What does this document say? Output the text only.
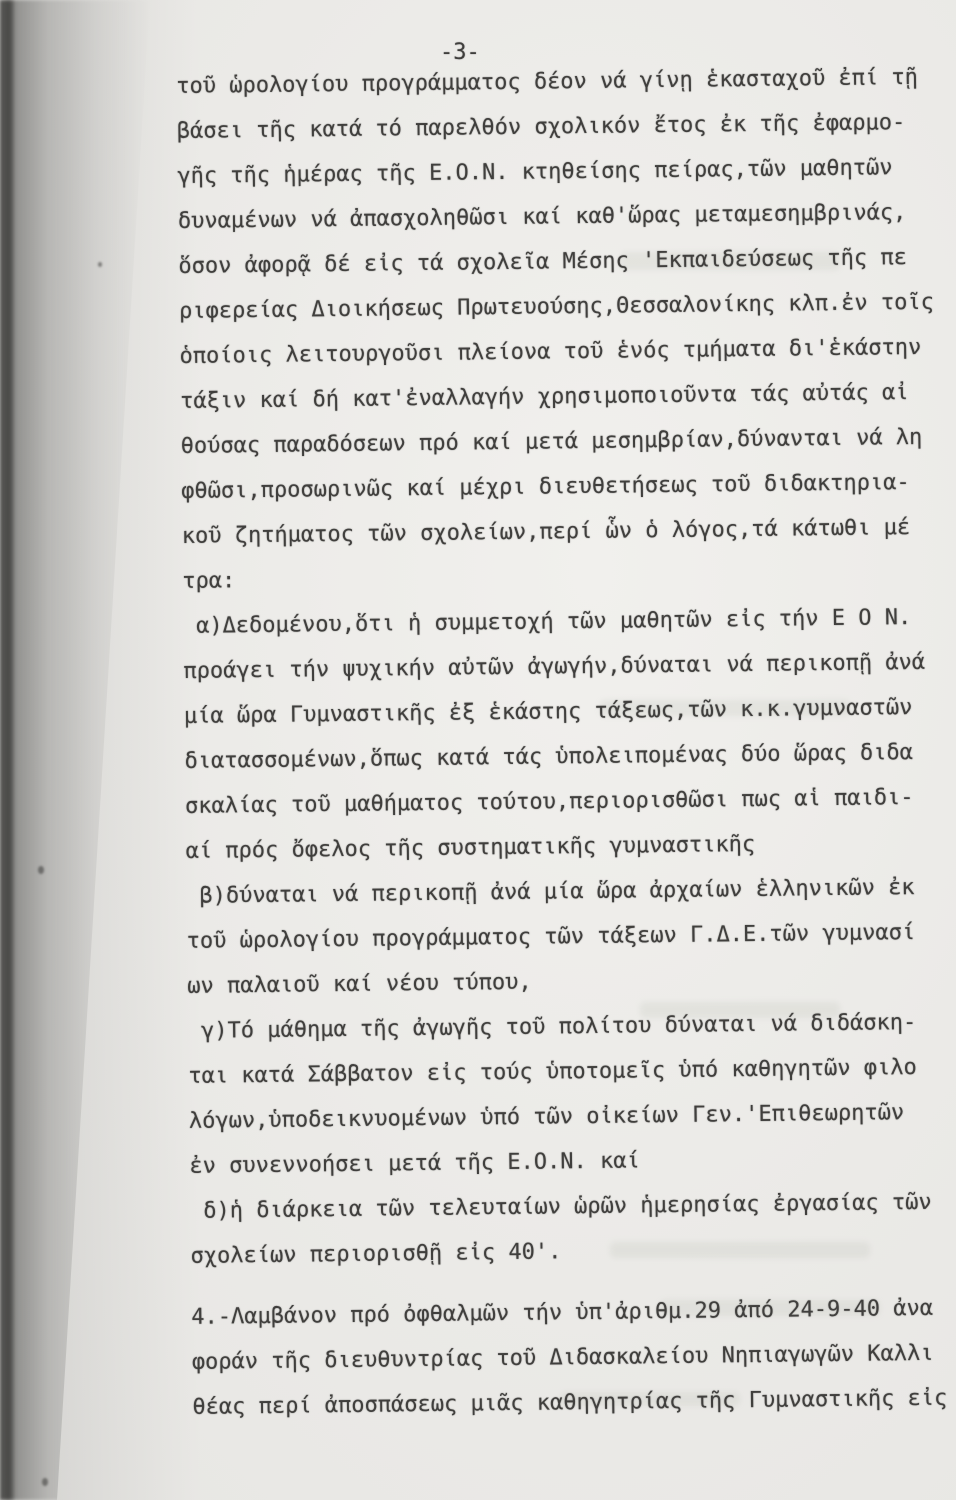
-3-
τοῦ ὡρολογίου προγράμματος δέον νά γίνῃ ἑκασταχοῦ ἐπί τῇ
βάσει τῆς κατά τό παρελθόν σχολικόν ἔτος ἐκ τῆς ἐφαρμο-
γῆς τῆς ἡμέρας τῆς Ε.Ο.Ν. κτηθείσης πείρας,τῶν μαθητῶν
δυναμένων νά ἀπασχοληθῶσι καί καθ'ὥρας μεταμεσημβρινάς,
ὅσον ἀφορᾷ δέ εἰς τά σχολεῖα Μέσης 'Εκπαιδεύσεως τῆς πε
ριφερείας Διοικήσεως Πρωτευούσης,Θεσσαλονίκης κλπ.ἐν τοῖς
ὁποίοις λειτουργοῦσι πλείονα τοῦ ἑνός τμήματα δι'ἑκάστην
τάξιν καί δή κατ'ἐναλλαγήν χρησιμοποιοῦντα τάς αὐτάς αἰ
θούσας παραδόσεων πρό καί μετά μεσημβρίαν,δύνανται νά λη
φθῶσι,προσωρινῶς καί μέχρι διευθετήσεως τοῦ διδακτηρια-
κοῦ ζητήματος τῶν σχολείων,περί ὧν ὁ λόγος,τά κάτωθι μέ
τρα:
α)Δεδομένου,ὅτι ἡ συμμετοχή τῶν μαθητῶν εἰς τήν Ε Ο Ν.
προάγει τήν ψυχικήν αὐτῶν ἀγωγήν,δύναται νά περικοπῇ ἀνά
μία ὥρα Γυμναστικῆς ἐξ ἑκάστης τάξεως,τῶν κ.κ.γυμναστῶν
διατασσομένων,ὅπως κατά τάς ὑπολειπομένας δύο ὥρας διδα
σκαλίας τοῦ μαθήματος τούτου,περιορισθῶσι πως αἱ παιδι-
αί πρός ὄφελος τῆς συστηματικῆς γυμναστικῆς
β)δύναται νά περικοπῇ ἀνά μία ὥρα ἀρχαίων ἑλληνικῶν ἐκ
τοῦ ὡρολογίου προγράμματος τῶν τάξεων Γ.Δ.Ε.τῶν γυμνασί
ων παλαιοῦ καί νέου τύπου,
γ)Τό μάθημα τῆς ἀγωγῆς τοῦ πολίτου δύναται νά διδάσκη-
ται κατά Σάββατον εἰς τούς ὑποτομεῖς ὑπό καθηγητῶν φιλο
λόγων,ὑποδεικνυομένων ὑπό τῶν οἰκείων Γεν.'Επιθεωρητῶν
ἐν συνεννοήσει μετά τῆς Ε.Ο.Ν. καί
δ)ἡ διάρκεια τῶν τελευταίων ὡρῶν ἡμερησίας ἐργασίας τῶν
σχολείων περιορισθῇ εἰς 40'.
4.-Λαμβάνον πρό ὀφθαλμῶν τήν ὑπ'ἀριθμ.29 ἀπό 24-9-40 ἀνα
φοράν τῆς διευθυντρίας τοῦ Διδασκαλείου Νηπιαγωγῶν Καλλι
θέας περί ἀποσπάσεως μιᾶς καθηγητρίας τῆς Γυμναστικῆς εἰς
